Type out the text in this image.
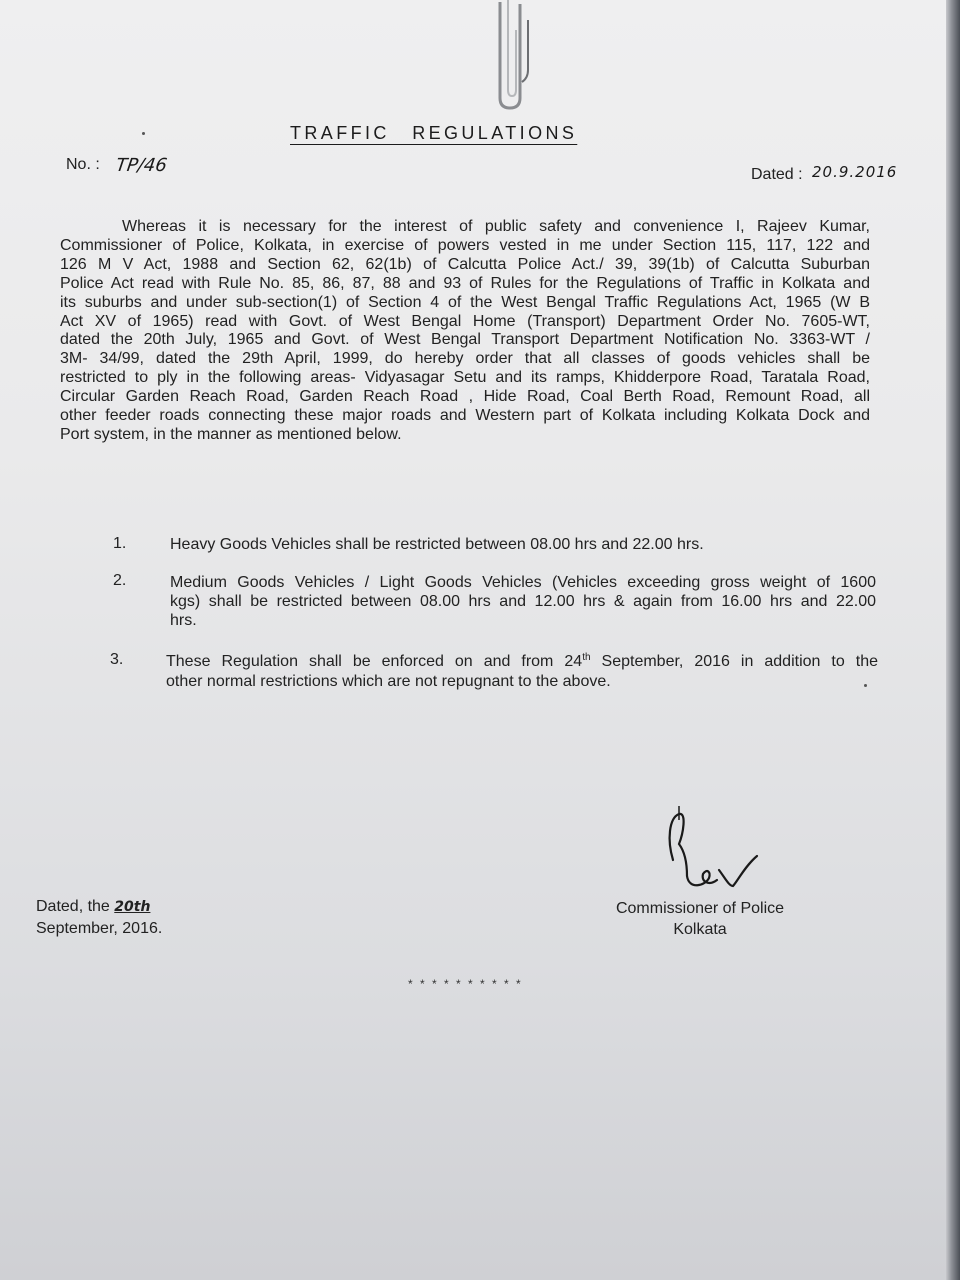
TRAFFIC REGULATIONS
No. : TP/46	Dated : 20.9.2016
Whereas it is necessary for the interest of public safety and convenience I, Rajeev Kumar,
Commissioner of Police, Kolkata, in exercise of powers vested in me under Section 115, 117, 122 and
126 M V Act, 1988 and Section 62, 62(1b) of Calcutta Police Act./ 39, 39(1b) of Calcutta Suburban
Police Act read with Rule No. 85, 86, 87, 88 and 93 of Rules for the Regulations of Traffic in Kolkata and
its suburbs and under sub-section(1) of Section 4 of the West Bengal Traffic Regulations Act, 1965 (W B
Act XV of 1965) read with Govt. of West Bengal Home (Transport) Department Order No. 7605-WT,
dated the 20th July, 1965 and Govt. of West Bengal Transport Department Notification No. 3363-WT /
3M- 34/99, dated the 29th April, 1999, do hereby order that all classes of goods vehicles shall be
restricted to ply in the following areas- Vidyasagar Setu and its ramps, Khidderpore Road, Taratala Road,
Circular Garden Reach Road, Garden Reach Road , Hide Road, Coal Berth Road, Remount Road, all
other feeder roads connecting these major roads and Western part of Kolkata including Kolkata Dock and
Port system, in the manner as mentioned below.
1.	Heavy Goods Vehicles shall be restricted between 08.00 hrs and 22.00 hrs.
2.	Medium Goods Vehicles / Light Goods Vehicles (Vehicles exceeding gross weight of 1600
kgs) shall be restricted between 08.00 hrs and 12.00 hrs & again from 16.00 hrs and 22.00
hrs.
3.	These Regulation shall be enforced on and from 24th September, 2016 in addition to the
other normal restrictions which are not repugnant to the above.
Dated, the 20th
September, 2016.
Commissioner of Police
Kolkata
* * * * * * * * * *
